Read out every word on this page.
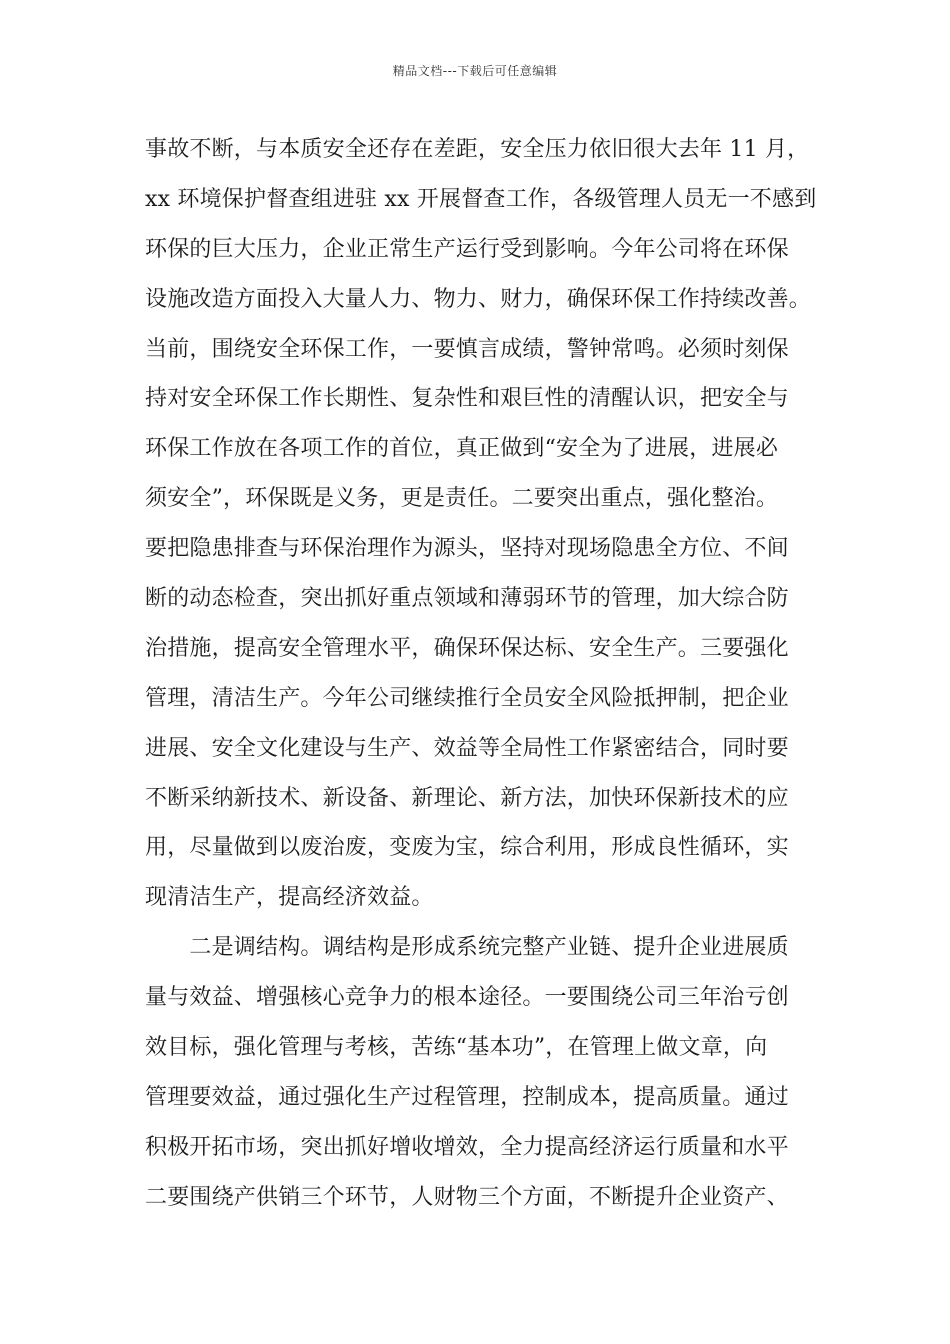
精品文档---下载后可任意编辑
事故不断，与本质安全还存在差距，安全压力依旧很大去年 11 月，
xx 环境保护督查组进驻 xx 开展督查工作，各级管理人员无一不感到
环保的巨大压力，企业正常生产运行受到影响。今年公司将在环保
设施改造方面投入大量人力、物力、财力，确保环保工作持续改善。
当前，围绕安全环保工作，一要慎言成绩，警钟常鸣。必须时刻保
持对安全环保工作长期性、复杂性和艰巨性的清醒认识，把安全与
环保工作放在各项工作的首位，真正做到“安全为了进展，进展必
须安全”，环保既是义务，更是责任。二要突出重点，强化整治。
要把隐患排查与环保治理作为源头，坚持对现场隐患全方位、不间
断的动态检查，突出抓好重点领域和薄弱环节的管理，加大综合防
治措施，提高安全管理水平，确保环保达标、安全生产。三要强化
管理，清洁生产。今年公司继续推行全员安全风险抵押制，把企业
进展、安全文化建设与生产、效益等全局性工作紧密结合，同时要
不断采纳新技术、新设备、新理论、新方法，加快环保新技术的应
用，尽量做到以废治废，变废为宝，综合利用，形成良性循环，实
现清洁生产，提高经济效益。
　　二是调结构。调结构是形成系统完整产业链、提升企业进展质
量与效益、增强核心竞争力的根本途径。一要围绕公司三年治亏创
效目标，强化管理与考核，苦练“基本功”，在管理上做文章，向
管理要效益，通过强化生产过程管理，控制成本，提高质量。通过
积极开拓市场，突出抓好增收增效，全力提高经济运行质量和水平
二要围绕产供销三个环节，人财物三个方面，不断提升企业资产、
